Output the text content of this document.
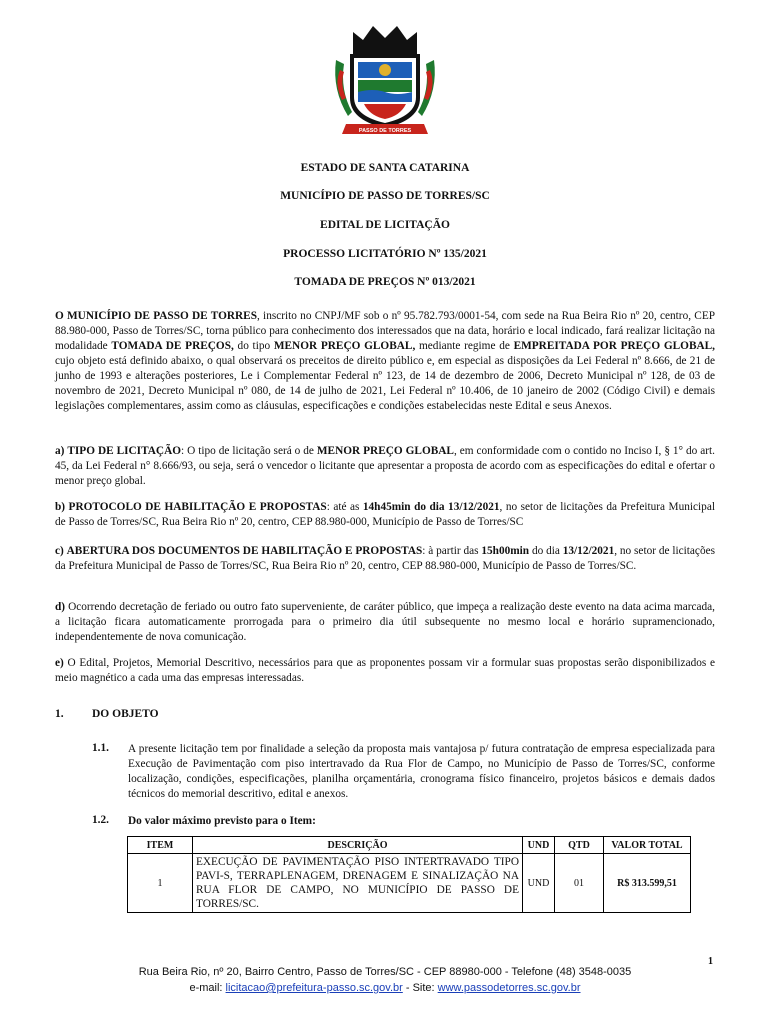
PASSO DE TORRES
ESTADO DE SANTA CATARINA
MUNICÍPIO DE PASSO DE TORRES/SC
EDITAL DE LICITAÇÃO
PROCESSO LICITATÓRIO Nº 135/2021
TOMADA DE PREÇOS Nº 013/2021
O MUNICÍPIO DE PASSO DE TORRES, inscrito no CNPJ/MF sob o nº 95.782.793/0001-54, com sede na Rua Beira Rio nº 20, centro, CEP 88.980-000, Passo de Torres/SC, torna público para conhecimento dos interessados que na data, horário e local indicado, fará realizar licitação na modalidade TOMADA DE PREÇOS, do tipo MENOR PREÇO GLOBAL, mediante regime de EMPREITADA POR PREÇO GLOBAL, cujo objeto está definido abaixo, o qual observará os preceitos de direito público e, em especial as disposições da Lei Federal nº 8.666, de 21 de junho de 1993 e alterações posteriores, Le i Complementar Federal nº 123, de 14 de dezembro de 2006, Decreto Municipal nº 128, de 03 de novembro de 2021, Decreto Municipal nº 080, de 14 de julho de 2021, Lei Federal nº 10.406, de 10 janeiro de 2002 (Código Civil) e demais legislações complementares, assim como as cláusulas, especificações e condições estabelecidas neste Edital e seus Anexos.
a) TIPO DE LICITAÇÃO: O tipo de licitação será o de MENOR PREÇO GLOBAL, em conformidade com o contido no Inciso I, § 1° do art. 45, da Lei Federal n° 8.666/93, ou seja, será o vencedor o licitante que apresentar a proposta de acordo com as especificações do edital e ofertar o menor preço global.
b) PROTOCOLO DE HABILITAÇÃO E PROPOSTAS: até as 14h45min do dia 13/12/2021, no setor de licitações da Prefeitura Municipal de Passo de Torres/SC, Rua Beira Rio nº 20, centro, CEP 88.980-000, Município de Passo de Torres/SC
c) ABERTURA DOS DOCUMENTOS DE HABILITAÇÃO E PROPOSTAS: à partir das 15h00min do dia 13/12/2021, no setor de licitações da Prefeitura Municipal de Passo de Torres/SC, Rua Beira Rio nº 20, centro, CEP 88.980-000, Município de Passo de Torres/SC.
d) Ocorrendo decretação de feriado ou outro fato superveniente, de caráter público, que impeça a realização deste evento na data acima marcada, a licitação ficara automaticamente prorrogada para o primeiro dia útil subsequente no mesmo local e horário supramencionado, independentemente de nova comunicação.
e) O Edital, Projetos, Memorial Descritivo, necessários para que as proponentes possam vir a formular suas propostas serão disponibilizados e meio magnético a cada uma das empresas interessadas.
1. DO OBJETO
1.1. A presente licitação tem por finalidade a seleção da proposta mais vantajosa p/ futura contratação de empresa especializada para Execução de Pavimentação com piso intertravado da Rua Flor de Campo, no Município de Passo de Torres/SC, conforme localização, condições, especificações, planilha orçamentária, cronograma físico financeiro, projetos básicos e demais dados técnicos do memorial descritivo, edital e anexos.
1.2. Do valor máximo previsto para o Item:
ITEM	DESCRIÇÃO	UND	QTD	VALOR TOTAL
1	EXECUÇÃO DE PAVIMENTAÇÃO PISO INTERTRAVADO TIPO PAVI-S, TERRAPLENAGEM, DRENAGEM E SINALIZAÇÃO NA RUA FLOR DE CAMPO, NO MUNICÍPIO DE PASSO DE TORRES/SC.	UND	01	R$ 313.599,51
1
Rua Beira Rio, nº 20, Bairro Centro, Passo de Torres/SC - CEP 88980-000 - Telefone (48) 3548-0035
e-mail: licitacao@prefeitura-passo.sc.gov.br - Site: www.passodetorres.sc.gov.br
